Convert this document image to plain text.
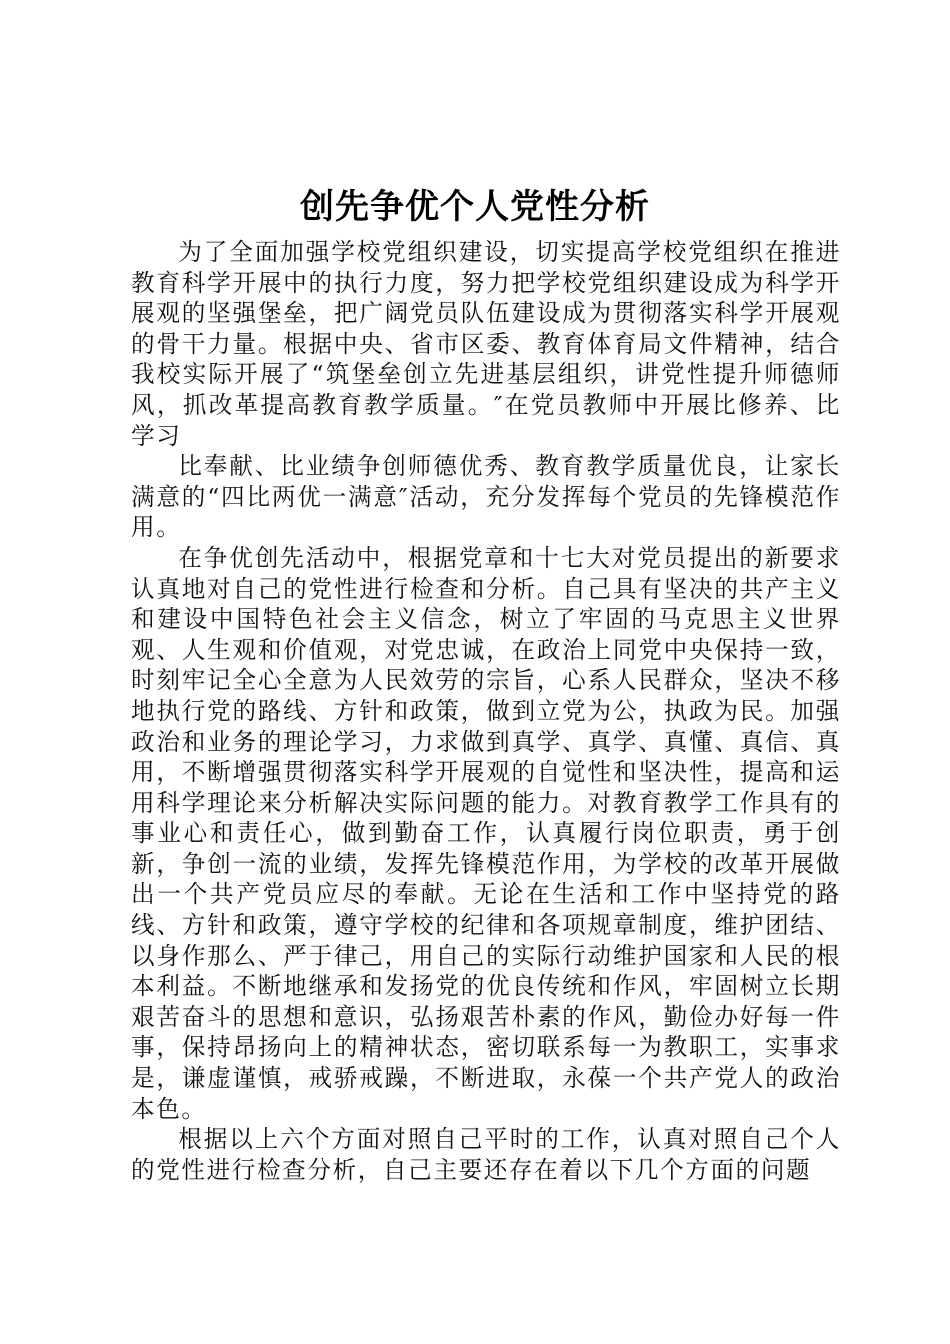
创先争优个人党性分析

为了全面加强学校党组织建设，切实提高学校党组织在推进教育科学开展中的执行力度，努力把学校党组织建设成为科学开展观的坚强堡垒，把广阔党员队伍建设成为贯彻落实科学开展观的骨干力量。根据中央、省市区委、教育体育局文件精神，结合我校实际开展了“筑堡垒创立先进基层组织，讲党性提升师德师风，抓改革提高教育教学质量。″在党员教师中开展比修养、比学习

比奉献、比业绩争创师德优秀、教育教学质量优良，让家长满意的“四比两优一满意″活动，充分发挥每个党员的先锋模范作用。

在争优创先活动中，根据党章和十七大对党员提出的新要求认真地对自己的党性进行检查和分析。自己具有坚决的共产主义和建设中国特色社会主义信念，树立了牢固的马克思主义世界观、人生观和价值观，对党忠诚，在政治上同党中央保持一致，时刻牢记全心全意为人民效劳的宗旨，心系人民群众，坚决不移地执行党的路线、方针和政策，做到立党为公，执政为民。加强政治和业务的理论学习，力求做到真学、真学、真懂、真信、真用，不断增强贯彻落实科学开展观的自觉性和坚决性，提高和运用科学理论来分析解决实际问题的能力。对教育教学工作具有的事业心和责任心，做到勤奋工作，认真履行岗位职责，勇于创新，争创一流的业绩，发挥先锋模范作用，为学校的改革开展做出一个共产党员应尽的奉献。无论在生活和工作中坚持党的路线、方针和政策，遵守学校的纪律和各项规章制度，维护团结、以身作那么、严于律己，用自己的实际行动维护国家和人民的根本利益。不断地继承和发扬党的优良传统和作风，牢固树立长期艰苦奋斗的思想和意识，弘扬艰苦朴素的作风，勤俭办好每一件事，保持昂扬向上的精神状态，密切联系每一为教职工，实事求是，谦虚谨慎，戒骄戒躁，不断进取，永葆一个共产党人的政治本色。

根据以上六个方面对照自己平时的工作，认真对照自己个人的党性进行检查分析，自己主要还存在着以下几个方面的问题
